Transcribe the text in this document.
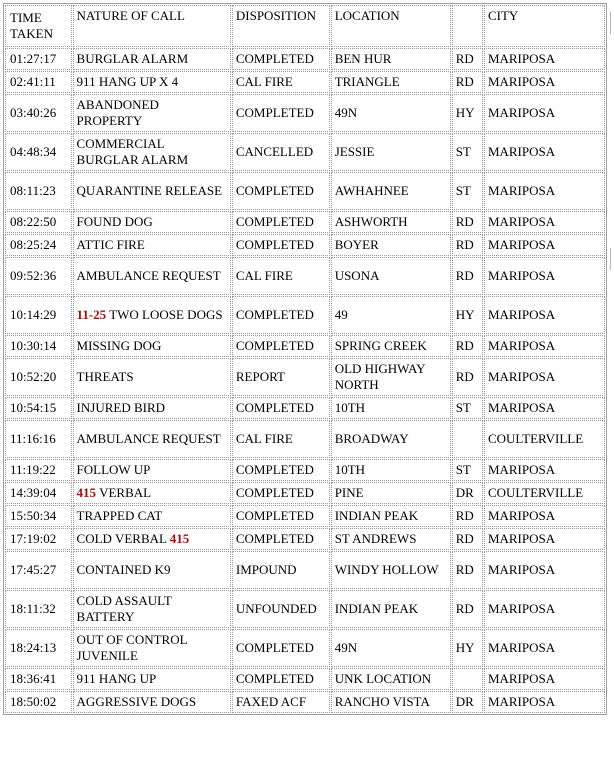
TIME TAKEN	NATURE OF CALL	DISPOSITION	LOCATION		CITY
01:27:17	BURGLAR ALARM	COMPLETED	BEN HUR	RD	MARIPOSA
02:41:11	911 HANG UP X 4	CAL FIRE	TRIANGLE	RD	MARIPOSA
03:40:26	ABANDONED PROPERTY	COMPLETED	49N	HY	MARIPOSA
04:48:34	COMMERCIAL BURGLAR ALARM	CANCELLED	JESSIE	ST	MARIPOSA
08:11:23	QUARANTINE RELEASE	COMPLETED	AWHAHNEE	ST	MARIPOSA
08:22:50	FOUND DOG	COMPLETED	ASHWORTH	RD	MARIPOSA
08:25:24	ATTIC FIRE	COMPLETED	BOYER	RD	MARIPOSA
09:52:36	AMBULANCE REQUEST	CAL FIRE	USONA	RD	MARIPOSA
10:14:29	11-25 TWO LOOSE DOGS	COMPLETED	49	HY	MARIPOSA
10:30:14	MISSING DOG	COMPLETED	SPRING CREEK	RD	MARIPOSA
10:52:20	THREATS	REPORT	OLD HIGHWAY NORTH	RD	MARIPOSA
10:54:15	INJURED BIRD	COMPLETED	10TH	ST	MARIPOSA
11:16:16	AMBULANCE REQUEST	CAL FIRE	BROADWAY		COULTERVILLE
11:19:22	FOLLOW UP	COMPLETED	10TH	ST	MARIPOSA
14:39:04	415 VERBAL	COMPLETED	PINE	DR	COULTERVILLE
15:50:34	TRAPPED CAT	COMPLETED	INDIAN PEAK	RD	MARIPOSA
17:19:02	COLD VERBAL 415	COMPLETED	ST ANDREWS	RD	MARIPOSA
17:45:27	CONTAINED K9	IMPOUND	WINDY HOLLOW	RD	MARIPOSA
18:11:32	COLD ASSAULT BATTERY	UNFOUNDED	INDIAN PEAK	RD	MARIPOSA
18:24:13	OUT OF CONTROL JUVENILE	COMPLETED	49N	HY	MARIPOSA
18:36:41	911 HANG UP	COMPLETED	UNK LOCATION		MARIPOSA
18:50:02	AGGRESSIVE DOGS	FAXED ACF	RANCHO VISTA	DR	MARIPOSA
